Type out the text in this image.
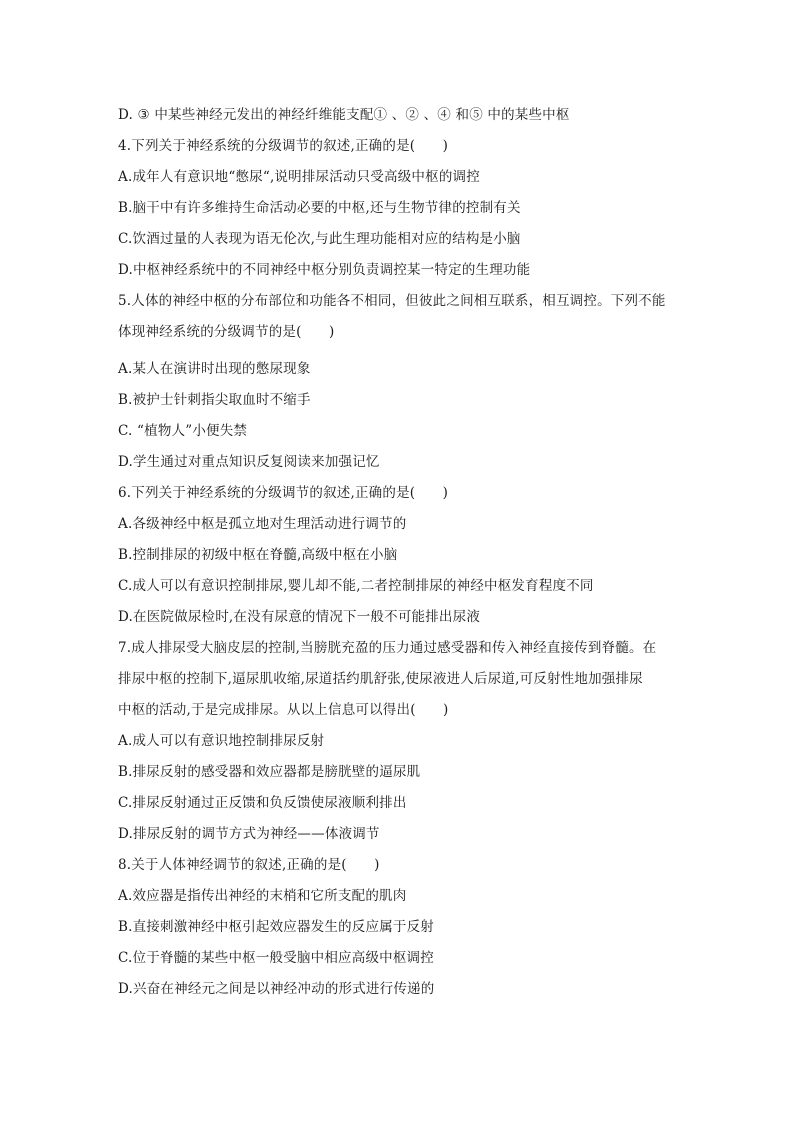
D. ③ 中某些神经元发出的神经纤维能支配① 、② 、④ 和⑤ 中的某些中枢
4.下列关于神经系统的分级调节的叙述,正确的是(　　)
A.成年人有意识地“憋尿“,说明排尿活动只受高级中枢的调控
B.脑干中有许多维持生命活动必要的中枢,还与生物节律的控制有关
C.饮酒过量的人表现为语无伦次,与此生理功能相对应的结构是小脑
D.中枢神经系统中的不同神经中枢分别负责调控某一特定的生理功能
5.人体的神经中枢的分布部位和功能各不相同，但彼此之间相互联系，相互调控。下列不能
体现神经系统的分级调节的是(　　)
A.某人在演讲时出现的憋尿现象
B.被护士针刺指尖取血时不缩手
C. “植物人”小便失禁
D.学生通过对重点知识反复阅读来加强记忆
6.下列关于神经系统的分级调节的叙述,正确的是(　　)
A.各级神经中枢是孤立地对生理活动进行调节的
B.控制排尿的初级中枢在脊髓,高级中枢在小脑
C.成人可以有意识控制排尿,婴儿却不能,二者控制排尿的神经中枢发育程度不同
D.在医院做尿检时,在没有尿意的情况下一般不可能排出尿液
7.成人排尿受大脑皮层的控制,当膀胱充盈的压力通过感受器和传入神经直接传到脊髓。在
排尿中枢的控制下,逼尿肌收缩,尿道括约肌舒张,使尿液进人后尿道,可反射性地加强排尿
中枢的活动,于是完成排尿。从以上信息可以得出(　　)
A.成人可以有意识地控制排尿反射
B.排尿反射的感受器和效应器都是膀胱壁的逼尿肌
C.排尿反射通过正反馈和负反馈使尿液顺利排出
D.排尿反射的调节方式为神经——体液调节
8.关于人体神经调节的叙述,正确的是(　　)
A.效应器是指传出神经的末梢和它所支配的肌肉
B.直接刺激神经中枢引起效应器发生的反应属于反射
C.位于脊髓的某些中枢一般受脑中相应高级中枢调控
D.兴奋在神经元之间是以神经冲动的形式进行传递的
